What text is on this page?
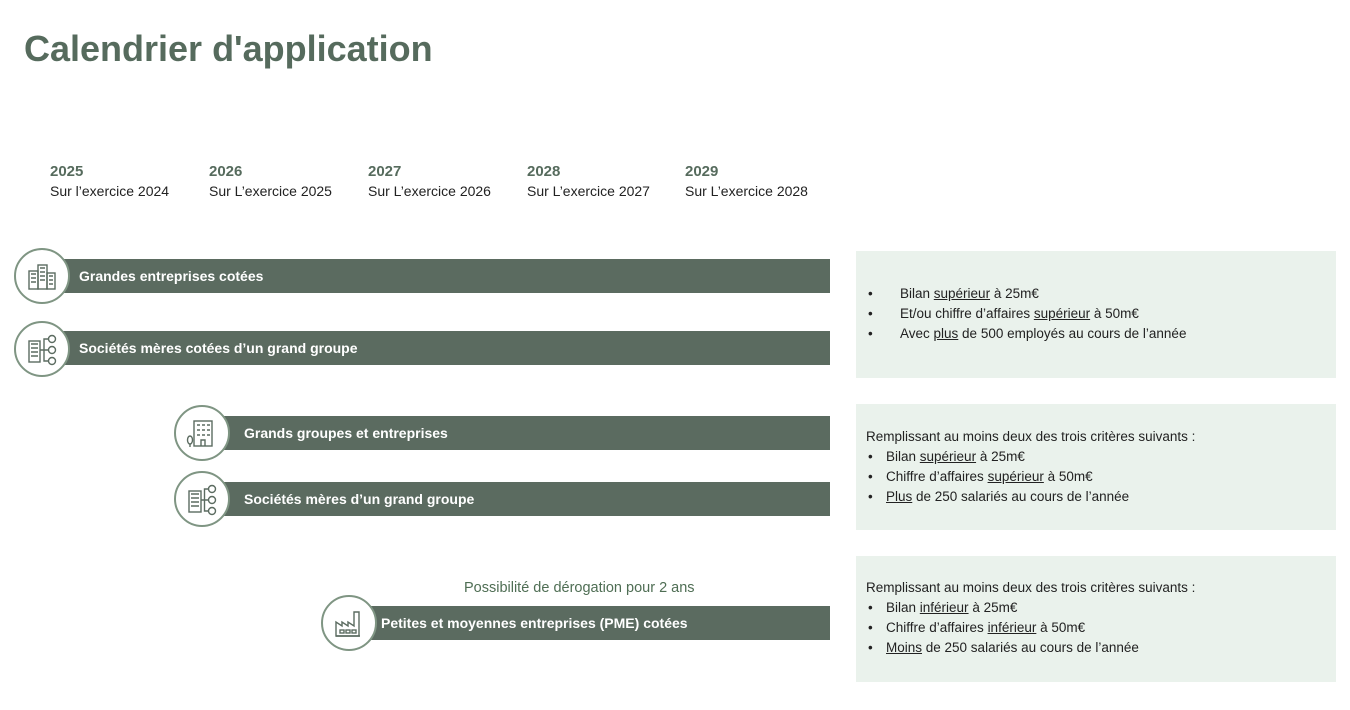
Calendrier d'application
2025
Sur l’exercice 2024
2026
Sur L’exercice 2025
2027
Sur L’exercice 2026
2028
Sur L’exercice 2027
2029
Sur L’exercice 2028
Grandes entreprises cotées
Sociétés mères cotées d’un grand groupe
Grands groupes et entreprises
Sociétés mères d’un grand groupe
Possibilité de dérogation pour 2 ans
Petites et moyennes entreprises (PME) cotées
• Bilan supérieur à 25m€
• Et/ou chiffre d’affaires supérieur à 50m€
• Avec plus de 500 employés au cours de l’année
Remplissant au moins deux des trois critères suivants :
• Bilan supérieur à 25m€
• Chiffre d’affaires supérieur à 50m€
• Plus de 250 salariés au cours de l’année
Remplissant au moins deux des trois critères suivants :
• Bilan inférieur à 25m€
• Chiffre d’affaires inférieur à 50m€
• Moins de 250 salariés au cours de l’année
